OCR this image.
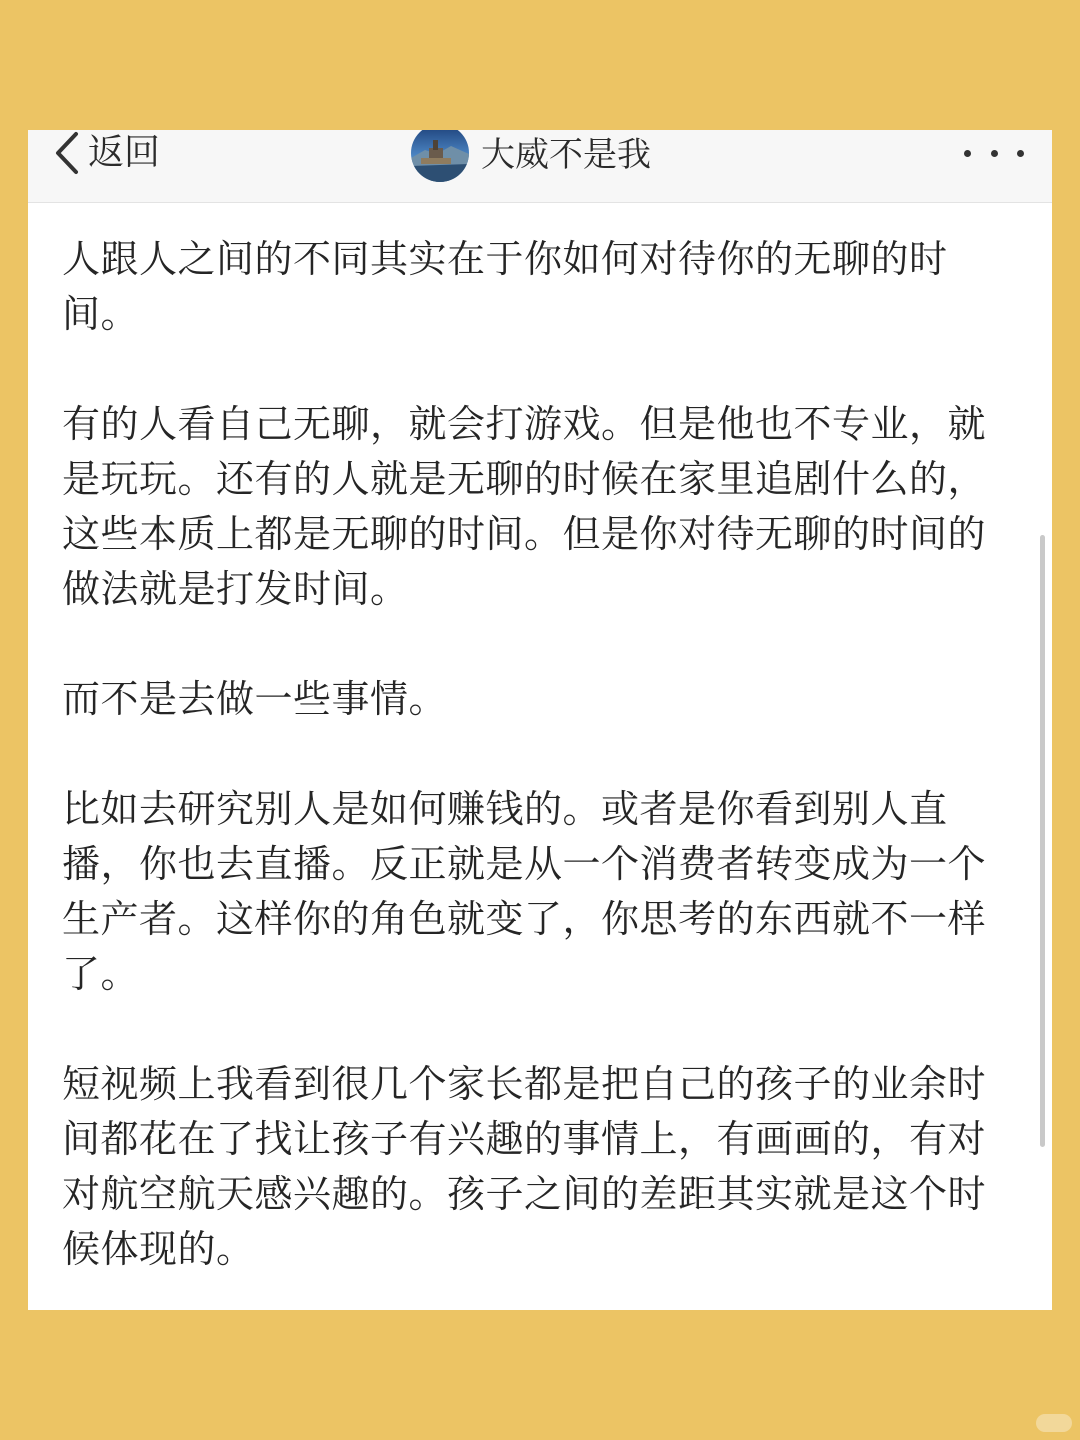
返回	大威不是我

人跟人之间的不同其实在于你如何对待你的无聊的时间。

有的人看自己无聊，就会打游戏。但是他也不专业，就是玩玩。还有的人就是无聊的时候在家里追剧什么的，这些本质上都是无聊的时间。但是你对待无聊的时间的做法就是打发时间。

而不是去做一些事情。

比如去研究别人是如何赚钱的。或者是你看到别人直播，你也去直播。反正就是从一个消费者转变成为一个生产者。这样你的角色就变了，你思考的东西就不一样了。

短视频上我看到很几个家长都是把自己的孩子的业余时间都花在了找让孩子有兴趣的事情上，有画画的，有对对航空航天感兴趣的。孩子之间的差距其实就是这个时候体现的。
